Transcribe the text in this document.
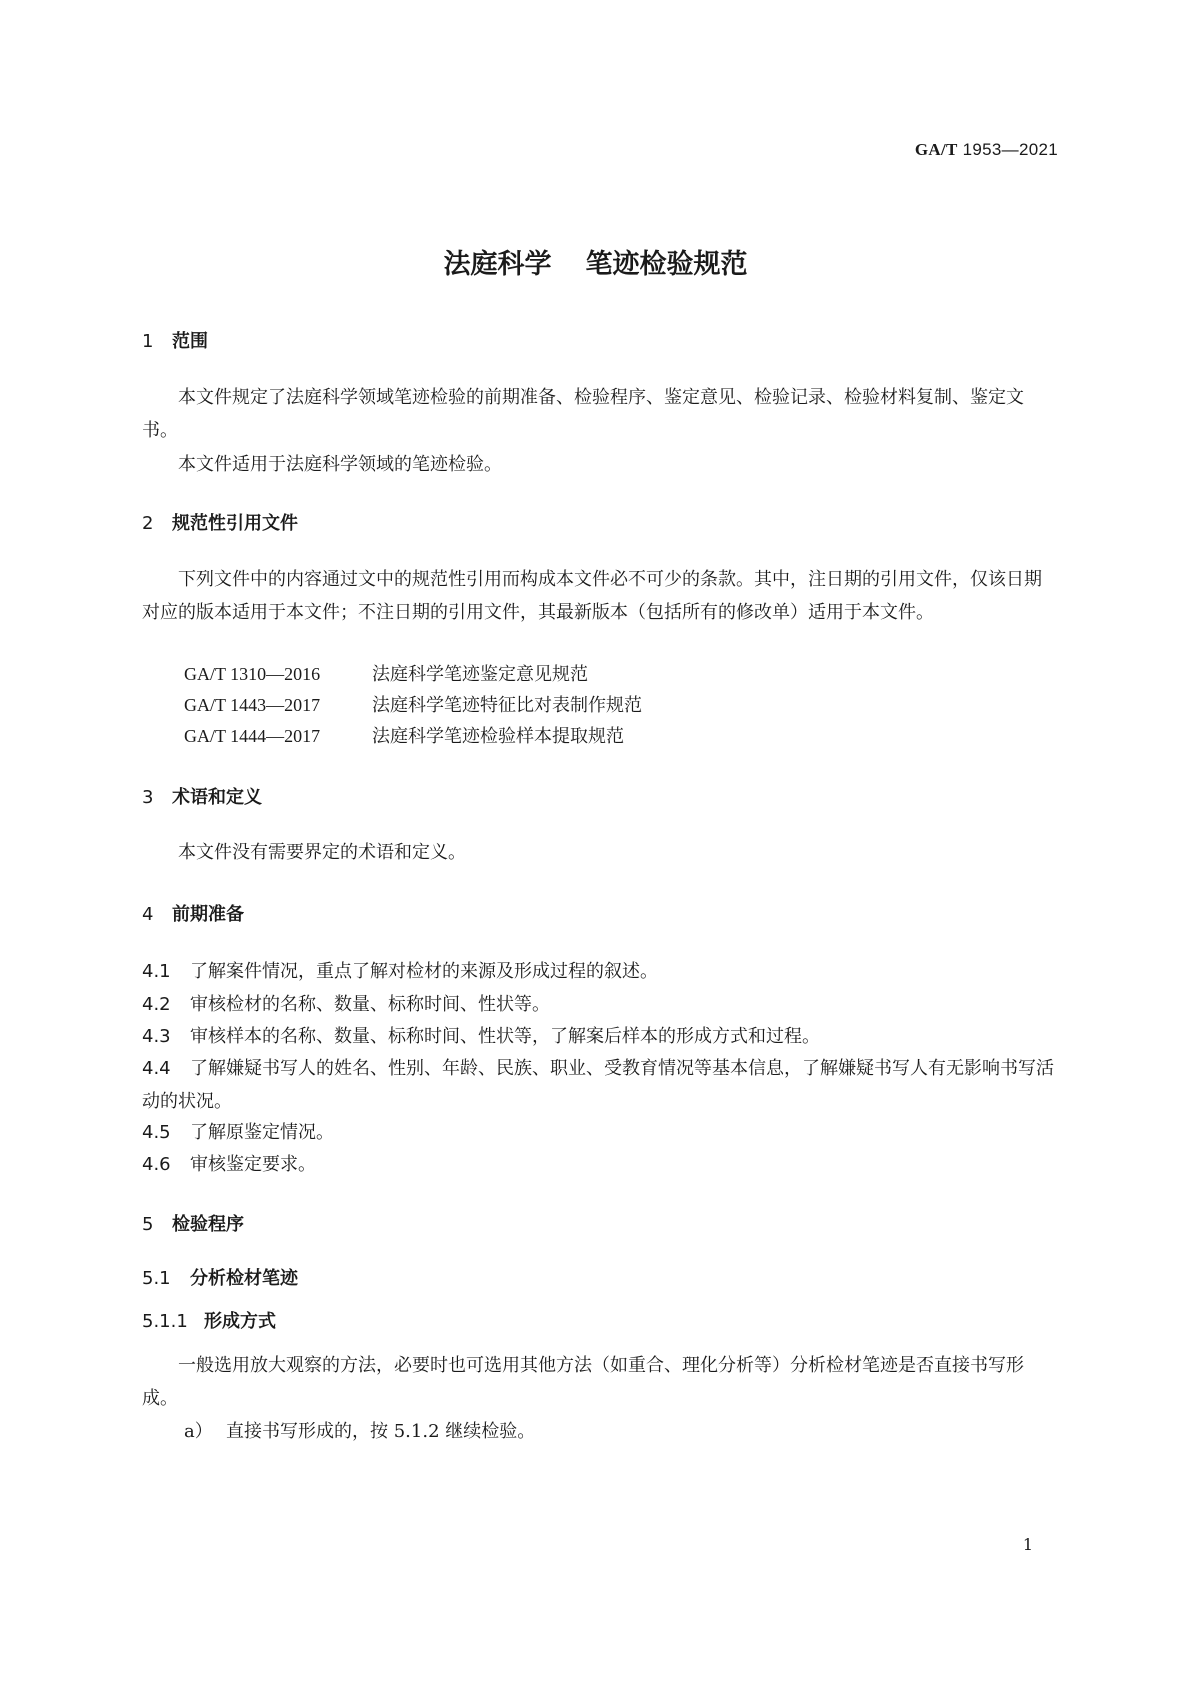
GA/T 1953—2021
法庭科学 笔迹检验规范
1 范围
本文件规定了法庭科学领域笔迹检验的前期准备、检验程序、鉴定意见、检验记录、检验材料复制、鉴定文书。
本文件适用于法庭科学领域的笔迹检验。
2 规范性引用文件
下列文件中的内容通过文中的规范性引用而构成本文件必不可少的条款。其中，注日期的引用文件，仅该日期对应的版本适用于本文件；不注日期的引用文件，其最新版本（包括所有的修改单）适用于本文件。
GA/T 1310—2016	法庭科学笔迹鉴定意见规范
GA/T 1443—2017	法庭科学笔迹特征比对表制作规范
GA/T 1444—2017	法庭科学笔迹检验样本提取规范
3 术语和定义
本文件没有需要界定的术语和定义。
4 前期准备
4.1 了解案件情况，重点了解对检材的来源及形成过程的叙述。
4.2 审核检材的名称、数量、标称时间、性状等。
4.3 审核样本的名称、数量、标称时间、性状等，了解案后样本的形成方式和过程。
4.4 了解嫌疑书写人的姓名、性别、年龄、民族、职业、受教育情况等基本信息，了解嫌疑书写人有无影响书写活动的状况。
4.5 了解原鉴定情况。
4.6 审核鉴定要求。
5 检验程序
5.1 分析检材笔迹
5.1.1 形成方式
一般选用放大观察的方法，必要时也可选用其他方法（如重合、理化分析等）分析检材笔迹是否直接书写形成。
a） 直接书写形成的，按 5.1.2 继续检验。
1
